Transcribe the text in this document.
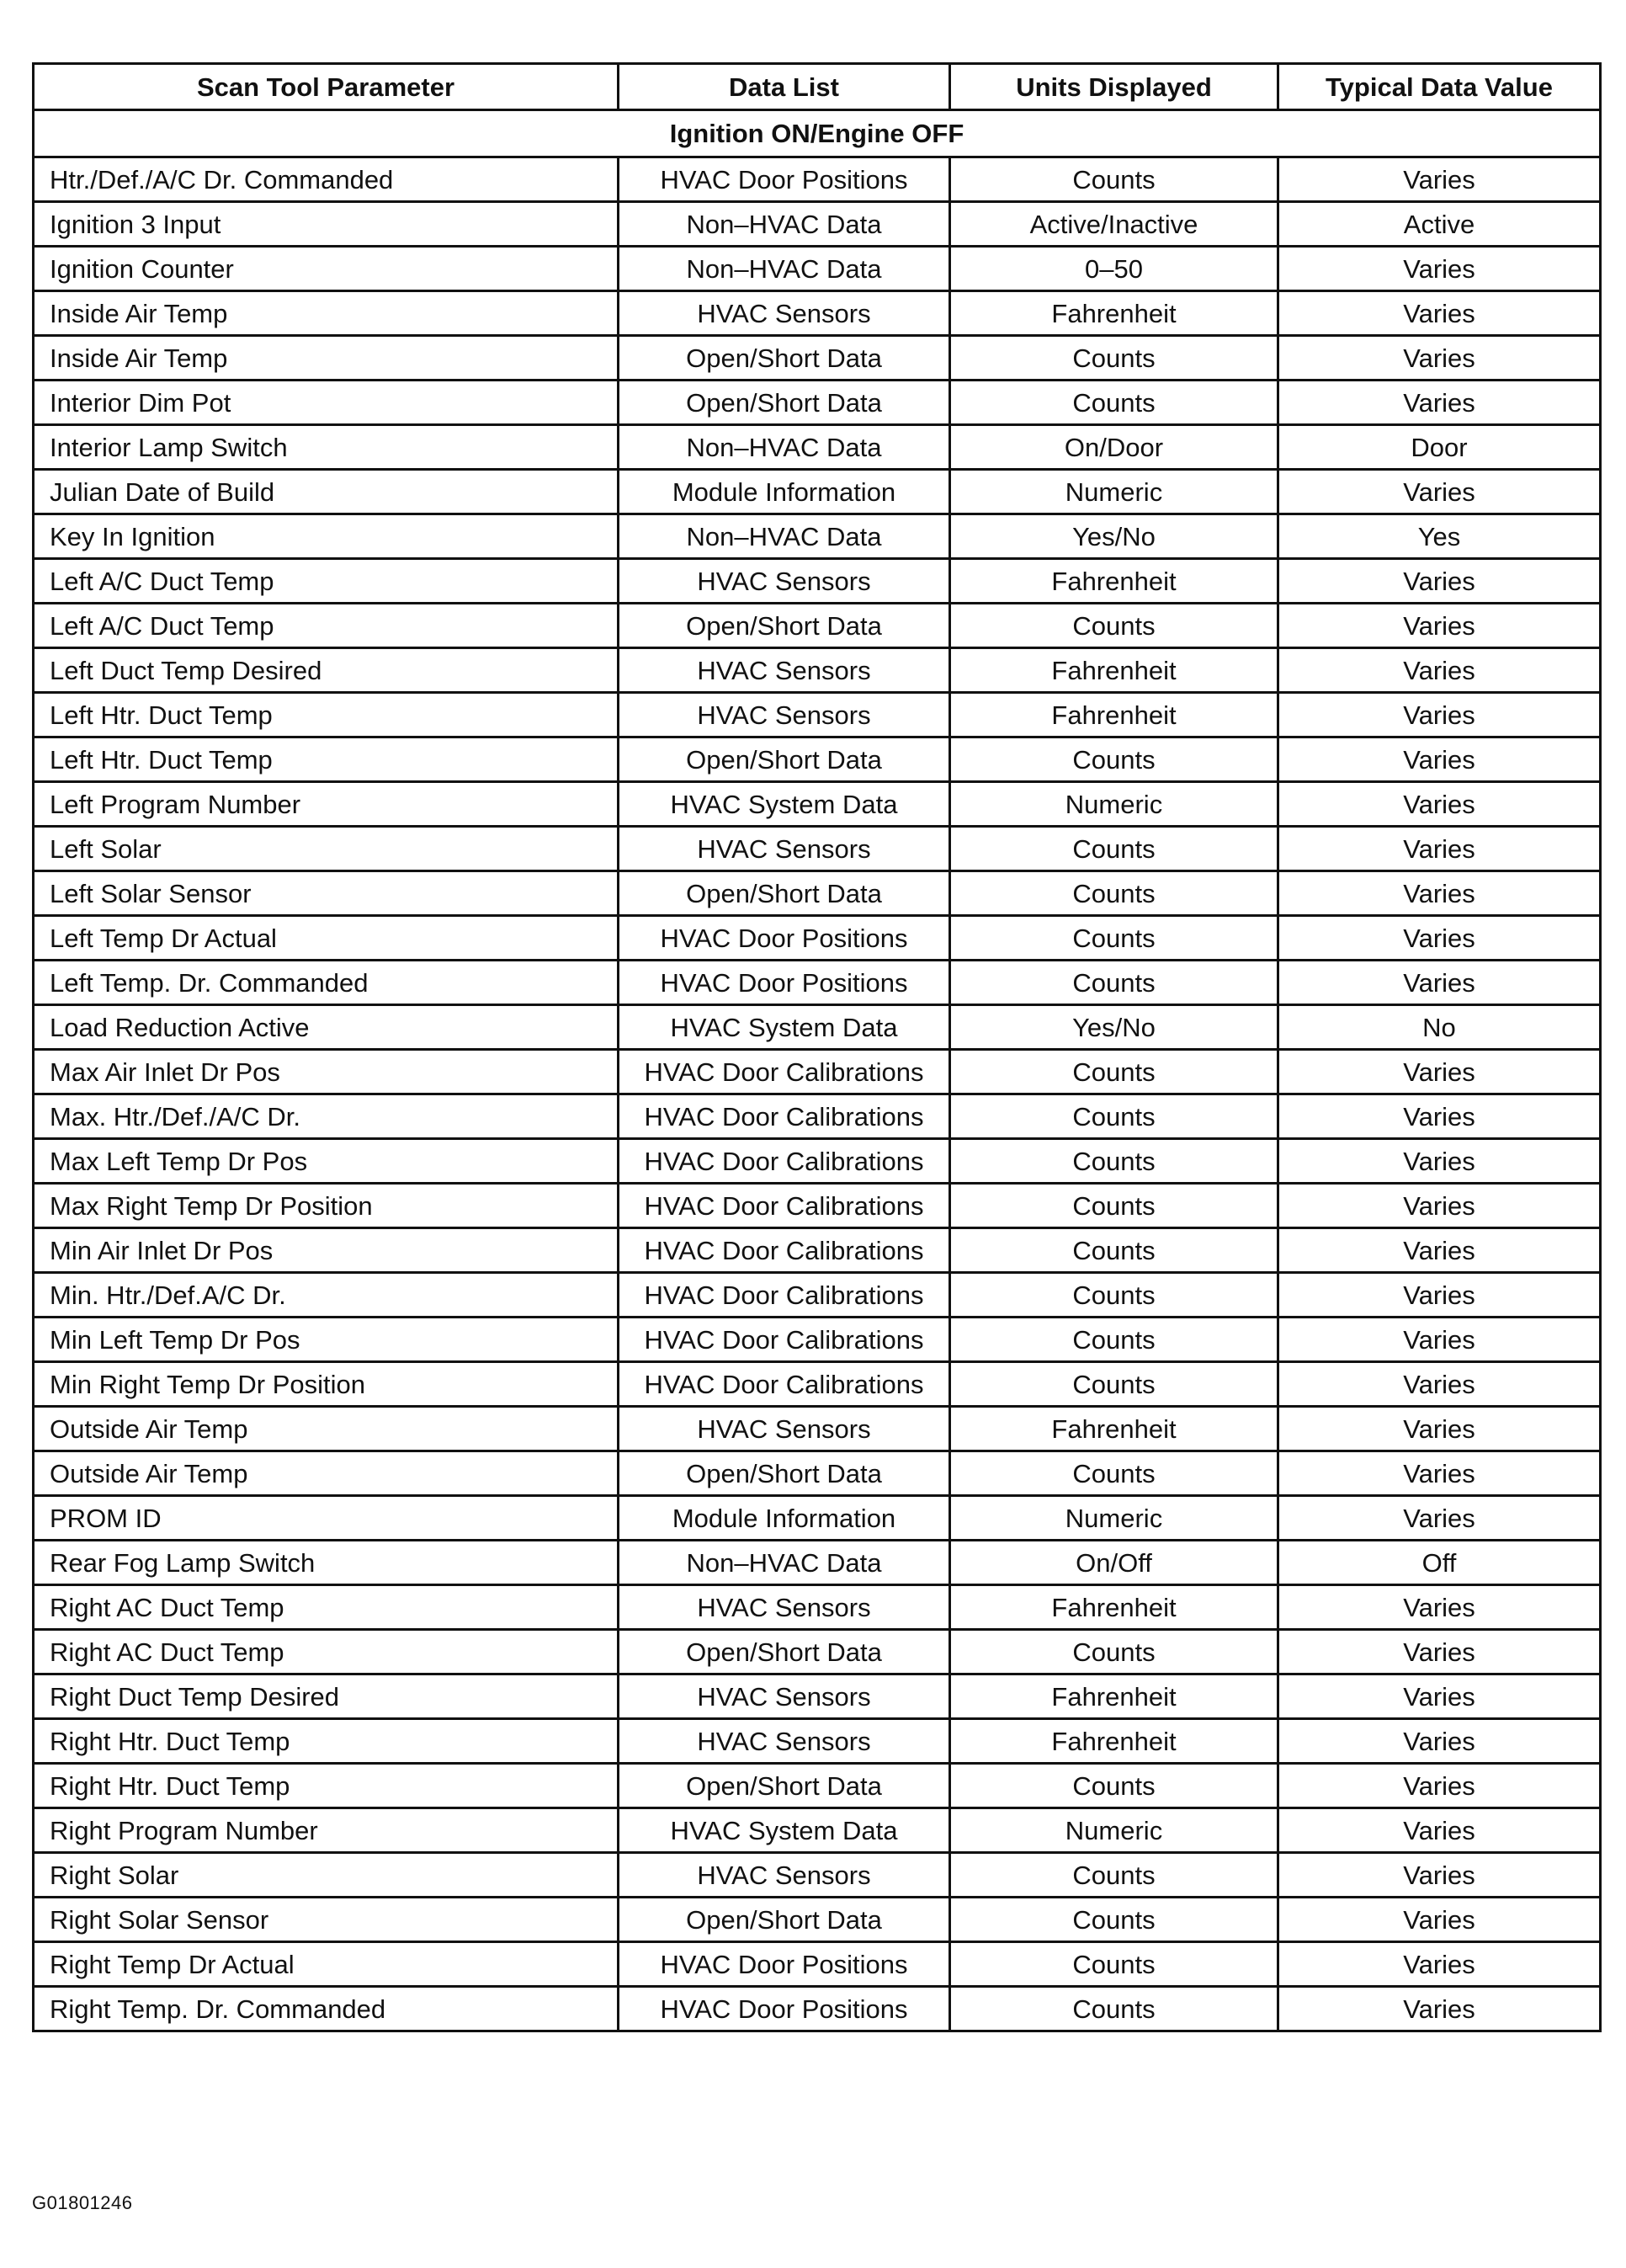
Scan Tool Parameter	Data List	Units Displayed	Typical Data Value
Ignition ON/Engine OFF			
Htr./Def./A/C Dr. Commanded	HVAC Door Positions	Counts	Varies
Ignition 3 Input	Non–HVAC Data	Active/Inactive	Active
Ignition Counter	Non–HVAC Data	0–50	Varies
Inside Air Temp	HVAC Sensors	Fahrenheit	Varies
Inside Air Temp	Open/Short Data	Counts	Varies
Interior Dim Pot	Open/Short Data	Counts	Varies
Interior Lamp Switch	Non–HVAC Data	On/Door	Door
Julian Date of Build	Module Information	Numeric	Varies
Key In Ignition	Non–HVAC Data	Yes/No	Yes
Left A/C Duct Temp	HVAC Sensors	Fahrenheit	Varies
Left A/C Duct Temp	Open/Short Data	Counts	Varies
Left Duct Temp Desired	HVAC Sensors	Fahrenheit	Varies
Left Htr. Duct Temp	HVAC Sensors	Fahrenheit	Varies
Left Htr. Duct Temp	Open/Short Data	Counts	Varies
Left Program Number	HVAC System Data	Numeric	Varies
Left Solar	HVAC Sensors	Counts	Varies
Left Solar Sensor	Open/Short Data	Counts	Varies
Left Temp Dr Actual	HVAC Door Positions	Counts	Varies
Left Temp. Dr. Commanded	HVAC Door Positions	Counts	Varies
Load Reduction Active	HVAC System Data	Yes/No	No
Max Air Inlet Dr Pos	HVAC Door Calibrations	Counts	Varies
Max. Htr./Def./A/C Dr.	HVAC Door Calibrations	Counts	Varies
Max Left Temp Dr Pos	HVAC Door Calibrations	Counts	Varies
Max Right Temp Dr Position	HVAC Door Calibrations	Counts	Varies
Min Air Inlet Dr Pos	HVAC Door Calibrations	Counts	Varies
Min. Htr./Def.A/C Dr.	HVAC Door Calibrations	Counts	Varies
Min Left Temp Dr Pos	HVAC Door Calibrations	Counts	Varies
Min Right Temp Dr Position	HVAC Door Calibrations	Counts	Varies
Outside Air Temp	HVAC Sensors	Fahrenheit	Varies
Outside Air Temp	Open/Short Data	Counts	Varies
PROM ID	Module Information	Numeric	Varies
Rear Fog Lamp Switch	Non–HVAC Data	On/Off	Off
Right AC Duct Temp	HVAC Sensors	Fahrenheit	Varies
Right AC Duct Temp	Open/Short Data	Counts	Varies
Right Duct Temp Desired	HVAC Sensors	Fahrenheit	Varies
Right Htr. Duct Temp	HVAC Sensors	Fahrenheit	Varies
Right Htr. Duct Temp	Open/Short Data	Counts	Varies
Right Program Number	HVAC System Data	Numeric	Varies
Right Solar	HVAC Sensors	Counts	Varies
Right Solar Sensor	Open/Short Data	Counts	Varies
Right Temp Dr Actual	HVAC Door Positions	Counts	Varies
Right Temp. Dr. Commanded	HVAC Door Positions	Counts	Varies
G01801246
